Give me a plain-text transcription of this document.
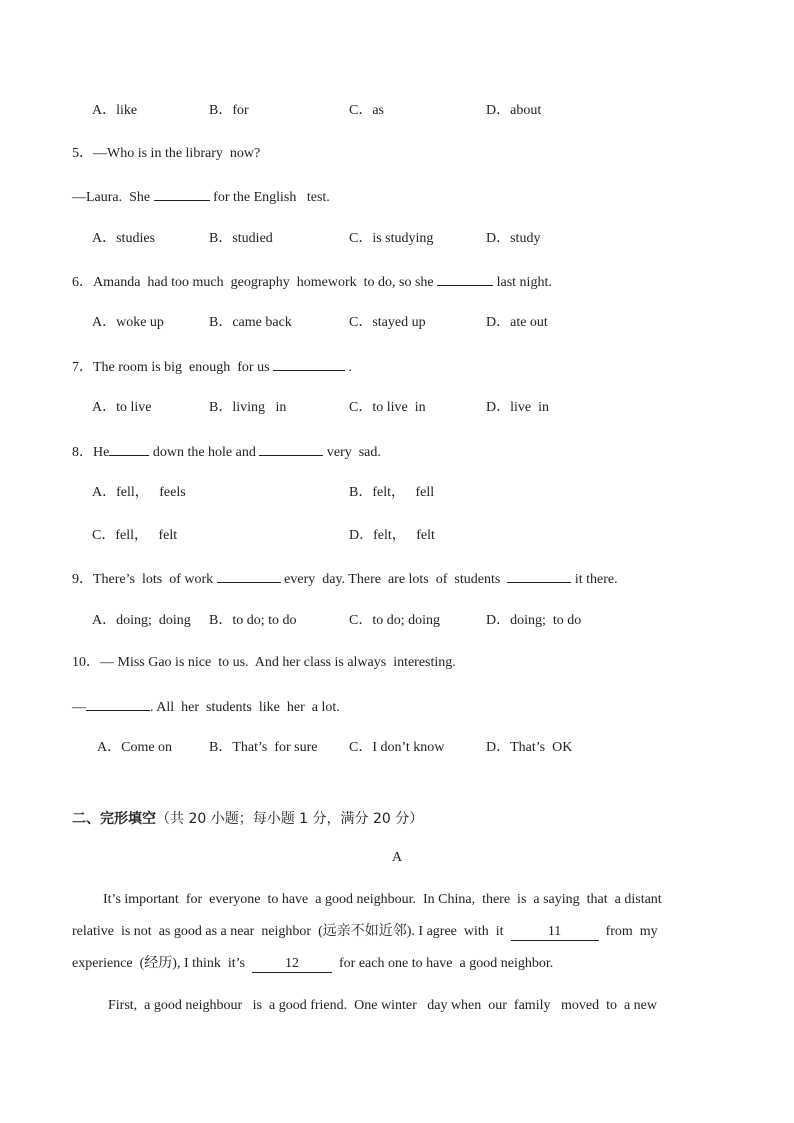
A．like	B．for	C．as	D．about
5．—Who is in the library  now?
—Laura.  She	for the English   test.
A．studies	B．studied	C．is studying	D．study
6．Amanda  had too much  geography  homework  to do, so she	last night.
A．woke up	B．came back	C．stayed up	D．ate out
7．The room is big  enough  for us	.
A．to live	B．living   in	C．to live  in	D．live  in
8．He	down the hole and	very  sad.
A．fell，   feels	B．felt，   fell
C．fell，   felt	D．felt，   felt
9．There’s  lots  of work	every  day. There  are lots  of  students	it there.
A．doing;  doing B．to do; to do	C．to do; doing	D．doing;  to do
10．— Miss Gao is nice  to us.  And her class is always  interesting.
—	. All  her  students  like  her  a lot.
A．Come on	B．That’s  for sure C．I don’t know	D．That’s  OK
二、完形填空（共 20 小题；每小题 1 分，满分 20 分）
A
It’s important  for  everyone  to have  a good neighbour.  In China,  there  is  a saying  that  a distant
relative  is not  as good as a near  neighbor  (远亲不如近邻). I agree  with  it	11	from  my
experience  (经历), I think  it’s  12  for each one to have  a good neighbor.
First,  a good neighbour   is  a good friend.  One winter   day when  our  family   moved  to  a new
